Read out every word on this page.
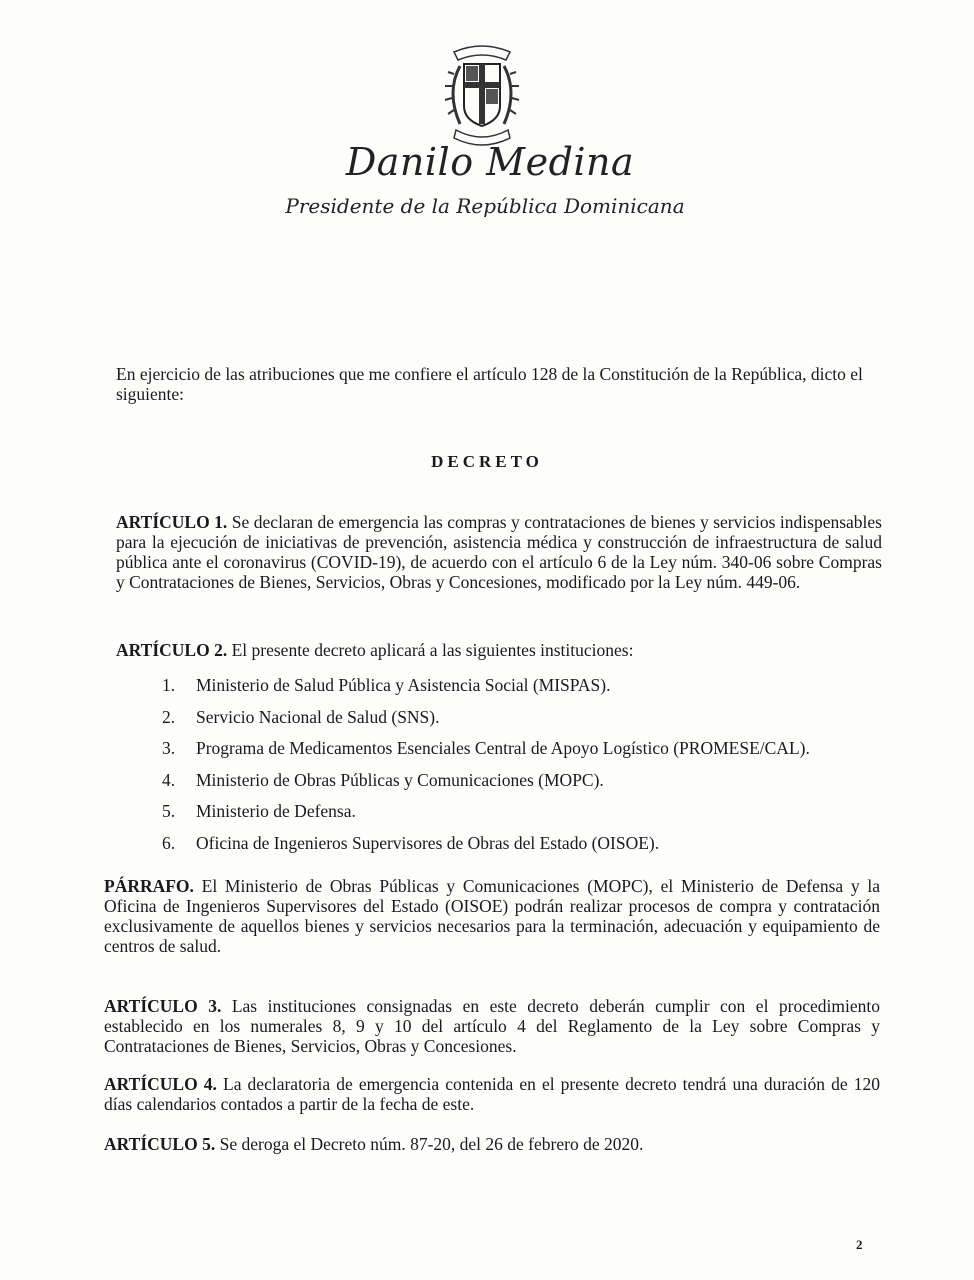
Danilo Medina
Presidente de la República Dominicana
En ejercicio de las atribuciones que me confiere el artículo 128 de la Constitución de la República, dicto el siguiente:
DECRETO
ARTÍCULO 1. Se declaran de emergencia las compras y contrataciones de bienes y servicios indispensables para la ejecución de iniciativas de prevención, asistencia médica y construcción de infraestructura de salud pública ante el coronavirus (COVID-19), de acuerdo con el artículo 6 de la Ley núm. 340-06 sobre Compras y Contrataciones de Bienes, Servicios, Obras y Concesiones, modificado por la Ley núm. 449-06.
ARTÍCULO 2. El presente decreto aplicará a las siguientes instituciones:
1.	Ministerio de Salud Pública y Asistencia Social (MISPAS).
2.	Servicio Nacional de Salud (SNS).
3.	Programa de Medicamentos Esenciales Central de Apoyo Logístico (PROMESE/CAL).
4.	Ministerio de Obras Públicas y Comunicaciones (MOPC).
5.	Ministerio de Defensa.
6.	Oficina de Ingenieros Supervisores de Obras del Estado (OISOE).
PÁRRAFO. El Ministerio de Obras Públicas y Comunicaciones (MOPC), el Ministerio de Defensa y la Oficina de Ingenieros Supervisores del Estado (OISOE) podrán realizar procesos de compra y contratación exclusivamente de aquellos bienes y servicios necesarios para la terminación, adecuación y equipamiento de centros de salud.
ARTÍCULO 3. Las instituciones consignadas en este decreto deberán cumplir con el procedimiento establecido en los numerales 8, 9 y 10 del artículo 4 del Reglamento de la Ley sobre Compras y Contrataciones de Bienes, Servicios, Obras y Concesiones.
ARTÍCULO 4. La declaratoria de emergencia contenida en el presente decreto tendrá una duración de 120 días calendarios contados a partir de la fecha de este.
ARTÍCULO 5. Se deroga el Decreto núm. 87-20, del 26 de febrero de 2020.
2
